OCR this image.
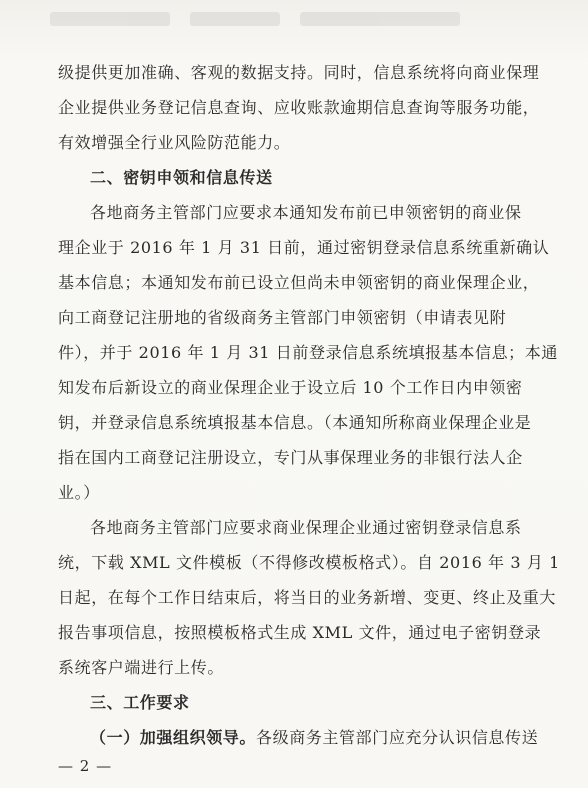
级提供更加准确、客观的数据支持。同时，信息系统将向商业保理
企业提供业务登记信息查询、应收账款逾期信息查询等服务功能，
有效增强全行业风险防范能力。
二、密钥申领和信息传送
各地商务主管部门应要求本通知发布前已申领密钥的商业保
理企业于 2016 年 1 月 31 日前，通过密钥登录信息系统重新确认
基本信息；本通知发布前已设立但尚未申领密钥的商业保理企业，
向工商登记注册地的省级商务主管部门申领密钥（申请表见附
件），并于 2016 年 1 月 31 日前登录信息系统填报基本信息；本通
知发布后新设立的商业保理企业于设立后 10 个工作日内申领密
钥，并登录信息系统填报基本信息。（本通知所称商业保理企业是
指在国内工商登记注册设立，专门从事保理业务的非银行法人企
业。）
各地商务主管部门应要求商业保理企业通过密钥登录信息系
统，下载 XML 文件模板（不得修改模板格式）。自 2016 年 3 月 1
日起，在每个工作日结束后，将当日的业务新增、变更、终止及重大
报告事项信息，按照模板格式生成 XML 文件，通过电子密钥登录
系统客户端进行上传。
三、工作要求
（一）加强组织领导。各级商务主管部门应充分认识信息传送
— 2 —
